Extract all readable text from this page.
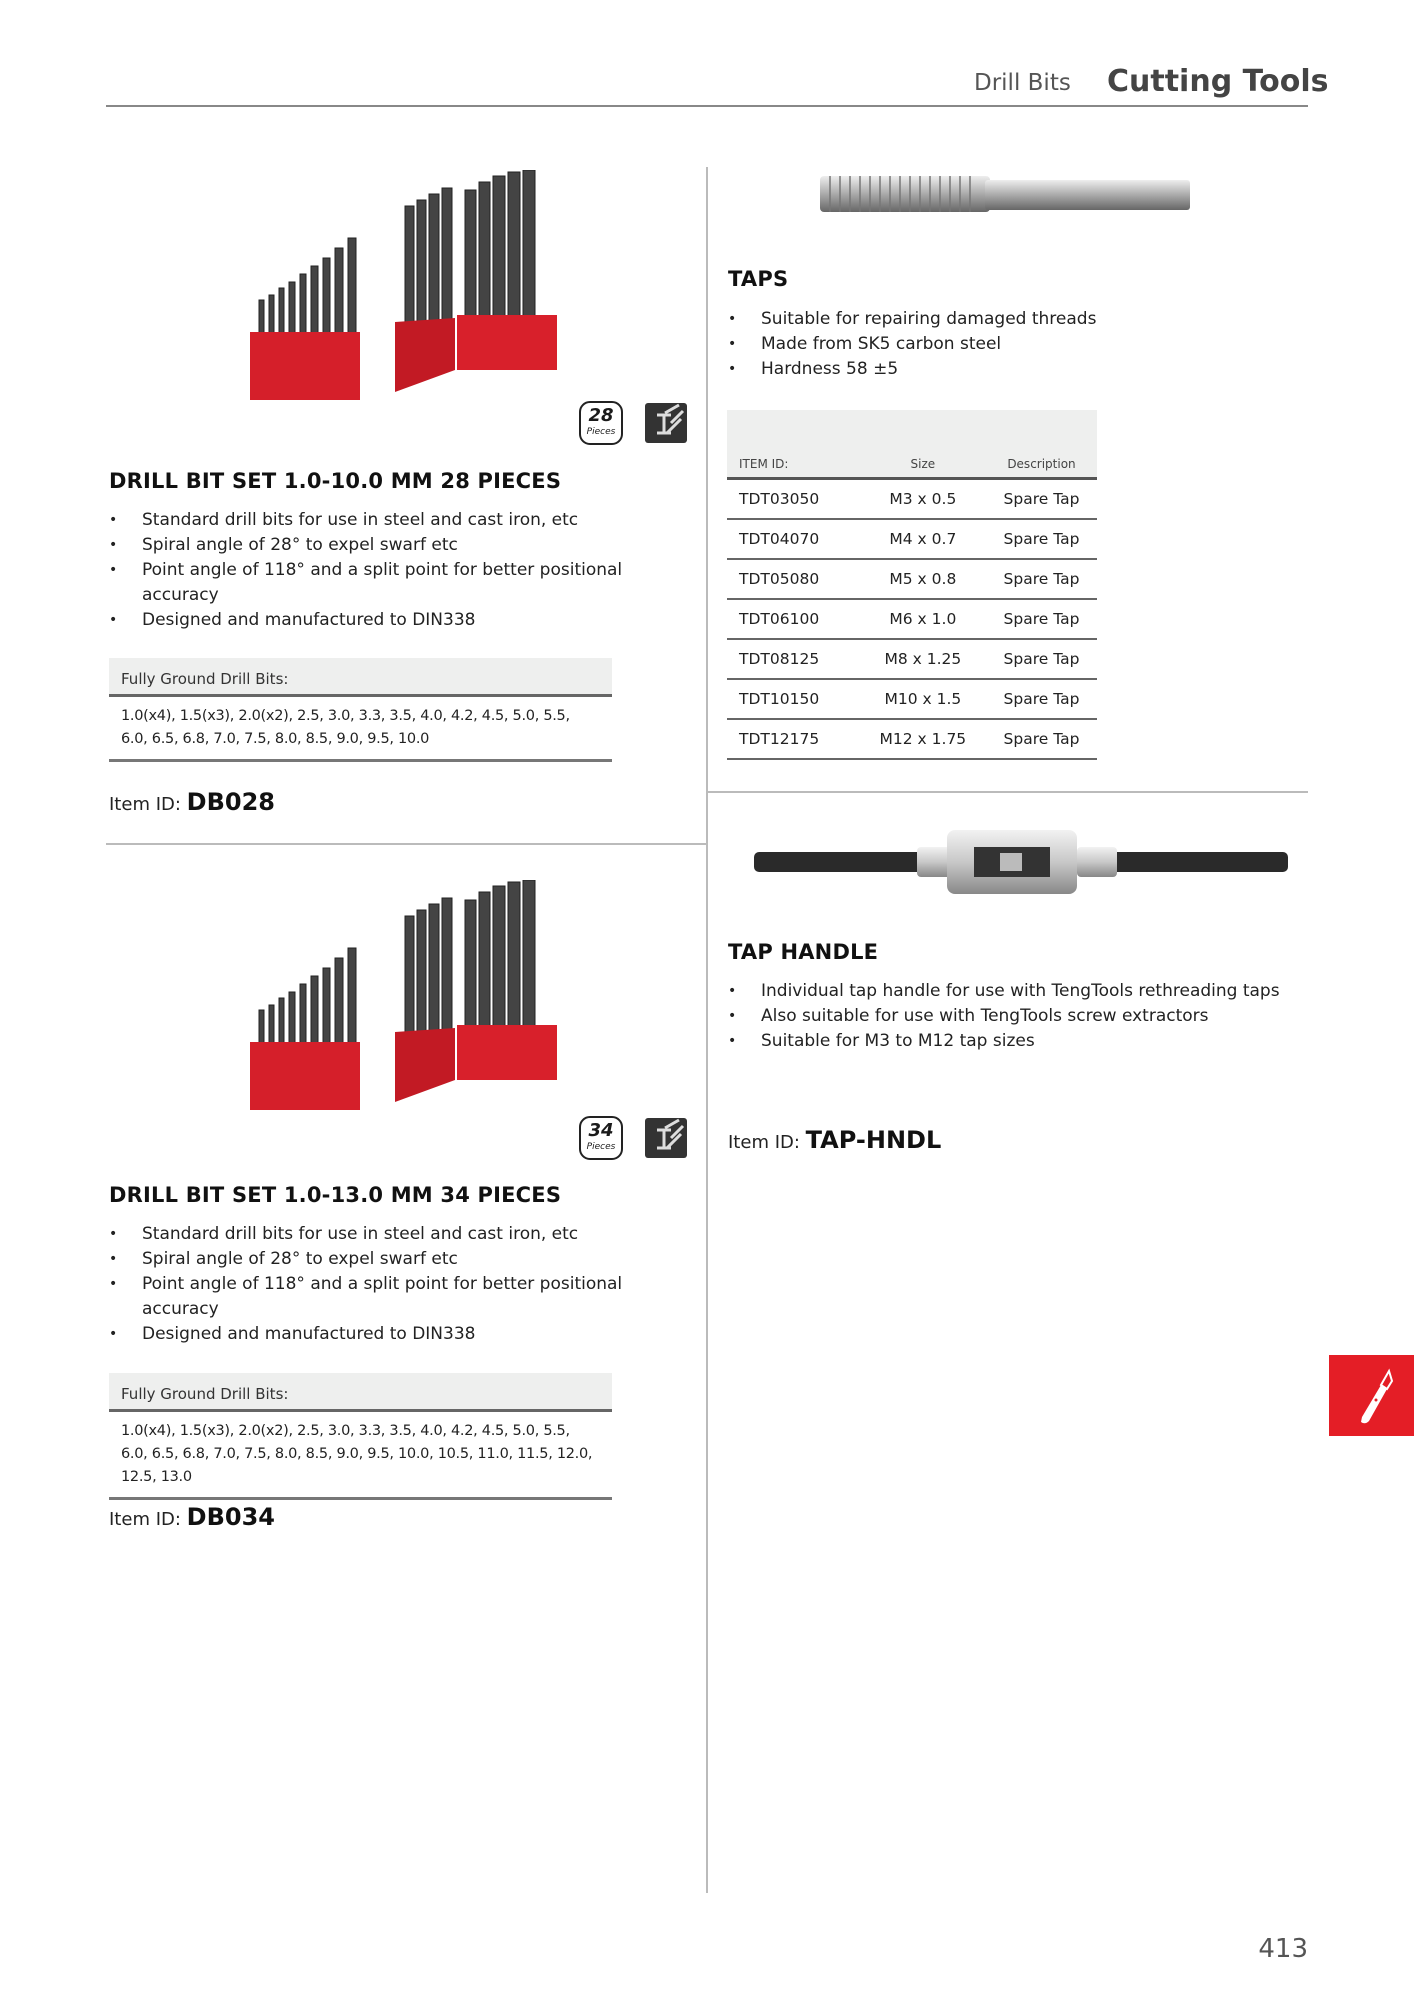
Drill Bits Cutting Tools
28
Pieces
DRILL BIT SET 1.0-10.0 MM 28 PIECES
• Standard drill bits for use in steel and cast iron, etc
• Spiral angle of 28° to expel swarf etc
• Point angle of 118° and a split point for better positional accuracy
• Designed and manufactured to DIN338
Fully Ground Drill Bits:
1.0(x4), 1.5(x3), 2.0(x2), 2.5, 3.0, 3.3, 3.5, 4.0, 4.2, 4.5, 5.0, 5.5, 6.0, 6.5, 6.8, 7.0, 7.5, 8.0, 8.5, 9.0, 9.5, 10.0
Item ID: DB028
34
Pieces
DRILL BIT SET 1.0-13.0 MM 34 PIECES
• Standard drill bits for use in steel and cast iron, etc
• Spiral angle of 28° to expel swarf etc
• Point angle of 118° and a split point for better positional accuracy
• Designed and manufactured to DIN338
Fully Ground Drill Bits:
1.0(x4), 1.5(x3), 2.0(x2), 2.5, 3.0, 3.3, 3.5, 4.0, 4.2, 4.5, 5.0, 5.5, 6.0, 6.5, 6.8, 7.0, 7.5, 8.0, 8.5, 9.0, 9.5, 10.0, 10.5, 11.0, 11.5, 12.0, 12.5, 13.0
Item ID: DB034
TAPS
• Suitable for repairing damaged threads
• Made from SK5 carbon steel
• Hardness 58 ±5
ITEM ID:	Size	Description
TDT03050	M3 x 0.5	Spare Tap
TDT04070	M4 x 0.7	Spare Tap
TDT05080	M5 x 0.8	Spare Tap
TDT06100	M6 x 1.0	Spare Tap
TDT08125	M8 x 1.25	Spare Tap
TDT10150	M10 x 1.5	Spare Tap
TDT12175	M12 x 1.75	Spare Tap
TAP HANDLE
• Individual tap handle for use with TengTools rethreading taps
• Also suitable for use with TengTools screw extractors
• Suitable for M3 to M12 tap sizes
Item ID: TAP-HNDL
413
